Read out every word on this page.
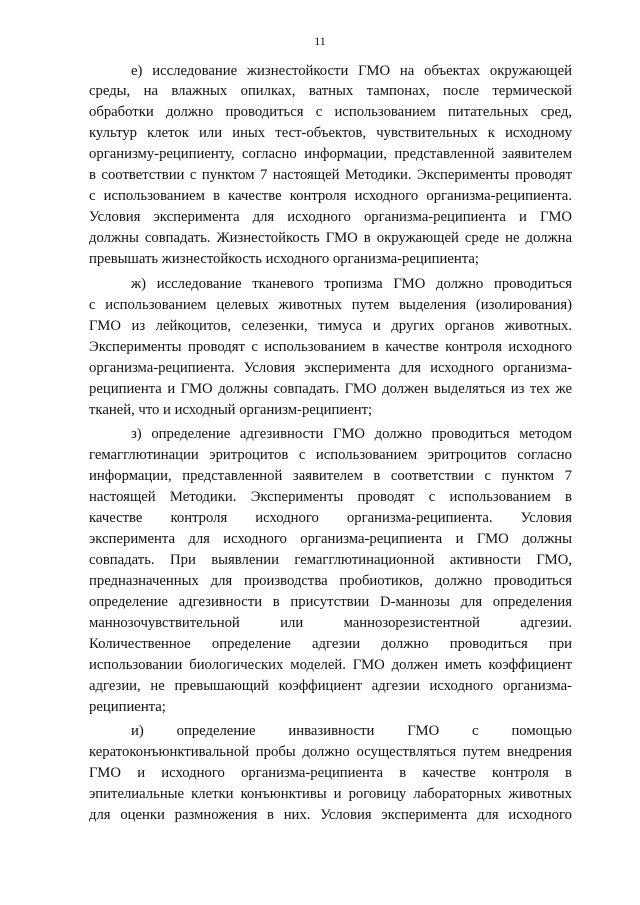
11
е) исследование жизнестойкости ГМО на объектах окружающей
среды, на влажных опилках, ватных тампонах, после термической
обработки должно проводиться с использованием питательных сред,
культур клеток или иных тест-объектов, чувствительных к исходному
организму-реципиенту, согласно информации, представленной заявителем
в соответствии с пунктом 7 настоящей Методики. Эксперименты проводят
с использованием в качестве контроля исходного организма-реципиента.
Условия эксперимента для исходного организма-реципиента и ГМО
должны совпадать. Жизнестойкость ГМО в окружающей среде не должна
превышать жизнестойкость исходного организма-реципиента;
ж) исследование тканевого тропизма ГМО должно проводиться
с использованием целевых животных путем выделения (изолирования)
ГМО из лейкоцитов, селезенки, тимуса и других органов животных.
Эксперименты проводят с использованием в качестве контроля исходного
организма-реципиента. Условия эксперимента для исходного организма-
реципиента и ГМО должны совпадать. ГМО должен выделяться из тех же
тканей, что и исходный организм-реципиент;
з) определение адгезивности ГМО должно проводиться методом
гемагглютинации эритроцитов с использованием эритроцитов согласно
информации, представленной заявителем в соответствии с пунктом 7
настоящей Методики. Эксперименты проводят с использованием в
качестве контроля исходного организма-реципиента. Условия
эксперимента для исходного организма-реципиента и ГМО должны
совпадать. При выявлении гемагглютинационной активности ГМО,
предназначенных для производства пробиотиков, должно проводиться
определение адгезивности в присутствии D-маннозы для определения
маннозочувствительной или маннозорезистентной адгезии.
Количественное определение адгезии должно проводиться при
использовании биологических моделей. ГМО должен иметь коэффициент
адгезии, не превышающий коэффициент адгезии исходного организма-
реципиента;
и) определение инвазивности ГМО с помощью
кератоконъюнктивальной пробы должно осуществляться путем внедрения
ГМО и исходного организма-реципиента в качестве контроля в
эпителиальные клетки конъюнктивы и роговицу лабораторных животных
для оценки размножения в них. Условия эксперимента для исходного
